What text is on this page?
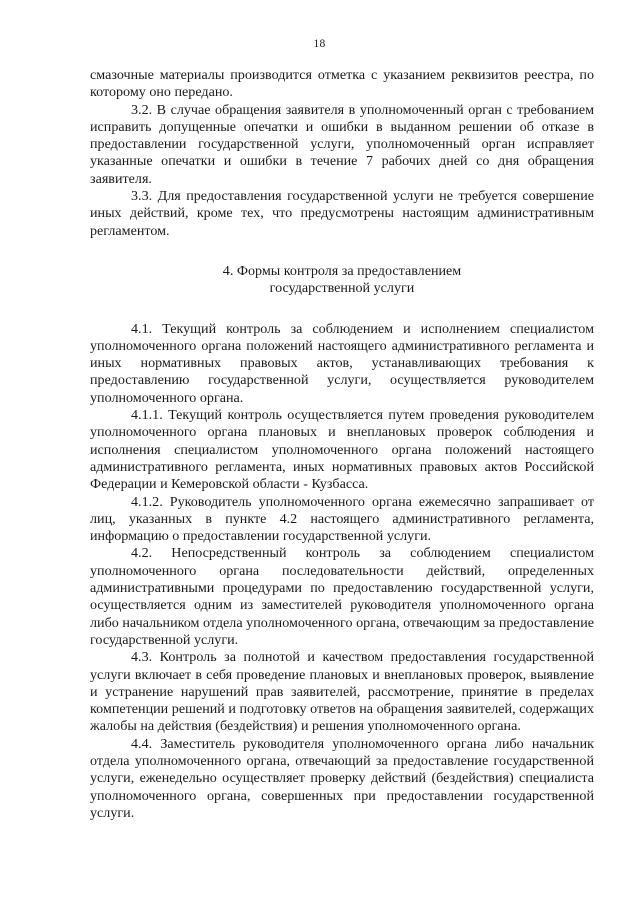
18

смазочные материалы производится отметка с указанием реквизитов реестра, по которому оно передано.

3.2. В случае обращения заявителя в уполномоченный орган с требованием исправить допущенные опечатки и ошибки в выданном решении об отказе в предоставлении государственной услуги, уполномоченный орган исправляет указанные опечатки и ошибки в течение 7 рабочих дней со дня обращения заявителя.

3.3. Для предоставления государственной услуги не требуется совершение иных действий, кроме тех, что предусмотрены настоящим административным регламентом.

4. Формы контроля за предоставлением
государственной услуги

4.1. Текущий контроль за соблюдением и исполнением специалистом уполномоченного органа положений настоящего административного регламента и иных нормативных правовых актов, устанавливающих требования к предоставлению государственной услуги, осуществляется руководителем уполномоченного органа.

4.1.1. Текущий контроль осуществляется путем проведения руководителем уполномоченного органа плановых и внеплановых проверок соблюдения и исполнения специалистом уполномоченного органа положений настоящего административного регламента, иных нормативных правовых актов Российской Федерации и Кемеровской области - Кузбасса.

4.1.2. Руководитель уполномоченного органа ежемесячно запрашивает от лиц, указанных в пункте 4.2 настоящего административного регламента, информацию о предоставлении государственной услуги.

4.2. Непосредственный контроль за соблюдением специалистом уполномоченного органа последовательности действий, определенных административными процедурами по предоставлению государственной услуги, осуществляется одним из заместителей руководителя уполномоченного органа либо начальником отдела уполномоченного органа, отвечающим за предоставление государственной услуги.

4.3. Контроль за полнотой и качеством предоставления государственной услуги включает в себя проведение плановых и внеплановых проверок, выявление и устранение нарушений прав заявителей, рассмотрение, принятие в пределах компетенции решений и подготовку ответов на обращения заявителей, содержащих жалобы на действия (бездействия) и решения уполномоченного органа.

4.4. Заместитель руководителя уполномоченного органа либо начальник отдела уполномоченного органа, отвечающий за предоставление государственной услуги, еженедельно осуществляет проверку действий (бездействия) специалиста уполномоченного органа, совершенных при предоставлении государственной услуги.
